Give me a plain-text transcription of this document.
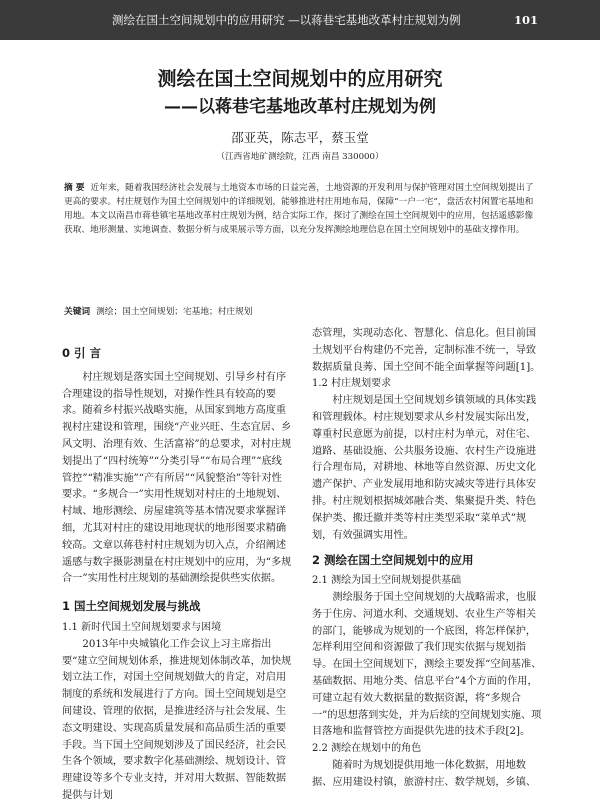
测绘在国土空间规划中的应用研究 —以蒋巷宅基地改革村庄规划为例	101
测绘在国土空间规划中的应用研究
——以蒋巷宅基地改革村庄规划为例
邵亚英，陈志平，蔡玉堂
（江西省地矿测绘院，江西 南昌 330000）
摘 要 近年来，随着我国经济社会发展与土地资本市场的日益完善，土地资源的开发利用与保护管理对国土空间规划提出了更高的要求。村庄规划作为国土空间规划中的详细规划，能够推进村庄用地布局，保障“一户一宅”，盘活农村闲置宅基地和用地。本文以南昌市蒋巷镇宅基地改革村庄规划为例，结合实际工作，探讨了测绘在国土空间规划中的应用，包括遥感影像获取、地形测量、实地调查、数据分析与成果展示等方面，以充分发挥测绘地理信息在国土空间规划中的基础支撑作用。
关键词 测绘；国土空间规划；宅基地；村庄规划
0 引 言

村庄规划是落实国土空间规划、引导乡村有序合理建设的指导性规划，对操作性具有较高的要求。随着乡村振兴战略实施，从国家到地方高度重视村庄建设和管理，围绕“产业兴旺、生态宜居、乡风文明、治理有效、生活富裕”的总要求，对村庄规划提出了“四村统筹”“分类引导”“布局合理”“底线管控”“精准实施”“产有所居”“风貌整治”等针对性要求。“多规合一”实用性规划对村庄的土地规划、村域、地形测绘、房屋建筑等基本情况要求掌握详细，尤其对村庄的建设用地现状的地形图要求精确较高。文章以蒋巷村村庄规划为切入点，介绍阐述遥感与数字摄影测量在村庄规划中的应用，为“多规合一”实用性村庄规划的基础测绘提供些实依据。

1 国土空间规划发展与挑战
1.1 新时代国土空间规划要求与困境

2013年中央城镇化工作会议上习主席指出要“建立空间规划体系，推进规划体制改革，加快规划立法工作，对国土空间规划做大的肯定，对启用制度的系统和发展进行了方向。国土空间规划是空间建设、管理的依据，是推进经济与社会发展、生态文明建设、实现高质量发展和高品质生活的重要手段。当下国土空间规划涉及了国民经济，社会民生各个领域，要求数字化基础测绘、规划设计、管理建设等多个专业支持，并对用大数据、智能数据提供与计划

态管理，实现动态化、智慧化、信息化。但目前国土规划平台构建仍不完善，定制标准不统一，导致数据质量良莠、国土空间不能全面掌握等问题[1]。

1.2 村庄规划要求

村庄规划是国土空间规划乡镇领域的具体实践和管理载体。村庄规划要求从乡村发展实际出发，尊重村民意愿为前提，以村庄村为单元，对住宅、道路、基础设施、公共服务设施、农村生产设施进行合理布局，对耕地、林地等自然资源、历史文化遗产保护、产业发展用地和防灾减灾等进行具体安排。村庄规划根据城郊融合类、集聚提升类、特色保护类、搬迁撤并类等村庄类型采取“菜单式”规划，有效强调实用性。

2 测绘在国土空间规划中的应用
2.1 测绘为国土空间规划提供基础

测绘服务于国土空间规划的大战略需求，也服务于住房、河道水利、交通规划、农业生产等相关的部门，能够成为规划的一个底图，将怎样保护，怎样利用空间和资源做了我们现实依据与规划指导。在国土空间规划下，测绘主要发挥“空间基准、基础数据、用地分类、信息平台”4个方面的作用，可建立起有效大数据量的数据资源，将“多规合一”的思想落到实处，并为后续的空间规划实施、项目落地和监督管控方面提供先进的技术手段[2]。

2.2 测绘在规划中的角色

随着时为规划提供用地一体化数据，用地数据、应用建设村镇，旅游村庄、数学规划，乡镇、
